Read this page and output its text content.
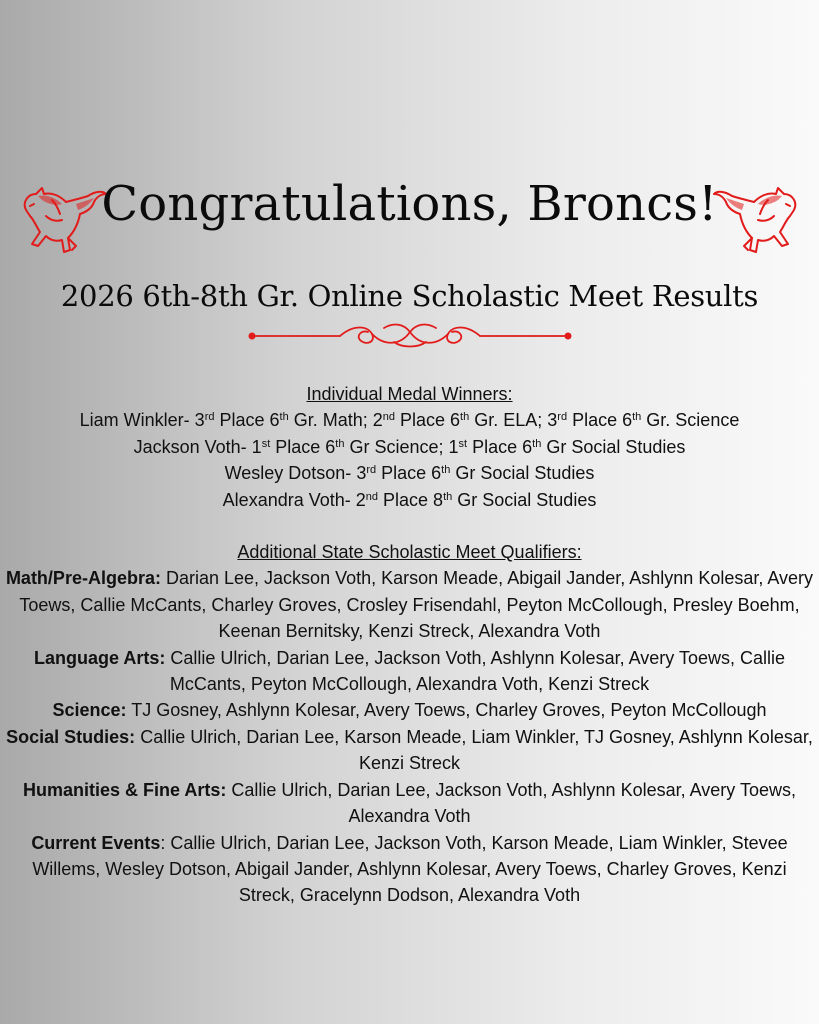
Congratulations, Broncs!
2026 6th-8th Gr. Online Scholastic Meet Results
Individual Medal Winners:
Liam Winkler- 3rd Place 6th Gr. Math; 2nd Place 6th Gr. ELA; 3rd Place 6th Gr. Science
Jackson Voth- 1st Place 6th Gr Science; 1st Place 6th Gr Social Studies
Wesley Dotson- 3rd Place 6th Gr Social Studies
Alexandra Voth- 2nd Place 8th Gr Social Studies
Additional State Scholastic Meet Qualifiers:
Math/Pre-Algebra: Darian Lee, Jackson Voth, Karson Meade, Abigail Jander, Ashlynn Kolesar, Avery Toews, Callie McCants, Charley Groves, Crosley Frisendahl, Peyton McCollough, Presley Boehm, Keenan Bernitsky, Kenzi Streck, Alexandra Voth
Language Arts: Callie Ulrich, Darian Lee, Jackson Voth, Ashlynn Kolesar, Avery Toews, Callie McCants, Peyton McCollough, Alexandra Voth, Kenzi Streck
Science: TJ Gosney, Ashlynn Kolesar, Avery Toews, Charley Groves, Peyton McCollough
Social Studies: Callie Ulrich, Darian Lee, Karson Meade, Liam Winkler, TJ Gosney, Ashlynn Kolesar, Kenzi Streck
Humanities & Fine Arts: Callie Ulrich, Darian Lee, Jackson Voth, Ashlynn Kolesar, Avery Toews, Alexandra Voth
Current Events: Callie Ulrich, Darian Lee, Jackson Voth, Karson Meade, Liam Winkler, Stevee Willems, Wesley Dotson, Abigail Jander, Ashlynn Kolesar, Avery Toews, Charley Groves, Kenzi Streck, Gracelynn Dodson, Alexandra Voth
